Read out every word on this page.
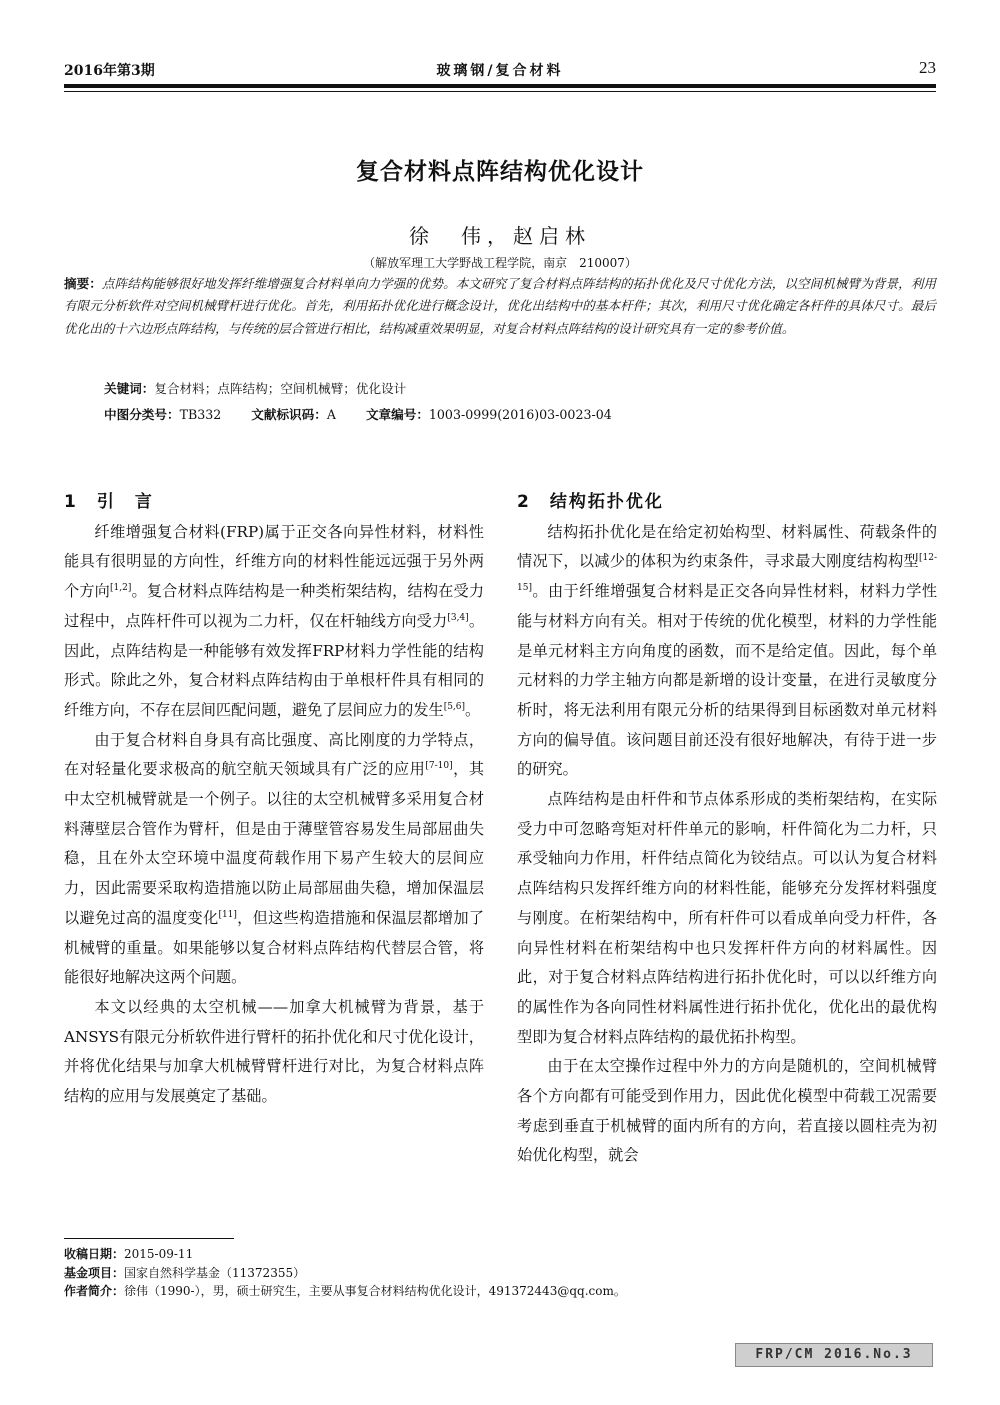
2016年第3期	玻璃钢/复合材料	23
复合材料点阵结构优化设计
徐　伟，赵启林
（解放军理工大学野战工程学院，南京　210007）
摘要：点阵结构能够很好地发挥纤维增强复合材料单向力学强的优势。本文研究了复合材料点阵结构的拓扑优化及尺寸优化方法，以空间机械臂为背景，利用有限元分析软件对空间机械臂杆进行优化。首先，利用拓扑优化进行概念设计，优化出结构中的基本杆件；其次，利用尺寸优化确定各杆件的具体尺寸。最后优化出的十六边形点阵结构，与传统的层合管进行相比，结构减重效果明显，对复合材料点阵结构的设计研究具有一定的参考价值。
关键词：复合材料；点阵结构；空间机械臂；优化设计
中图分类号：TB332 文献标识码：A 文章编号：1003-0999(2016)03-0023-04
1　引　言

纤维增强复合材料(FRP)属于正交各向异性材料，材料性能具有很明显的方向性，纤维方向的材料性能远远强于另外两个方向[1,2]。复合材料点阵结构是一种类桁架结构，结构在受力过程中，点阵杆件可以视为二力杆，仅在杆轴线方向受力[3,4]。因此，点阵结构是一种能够有效发挥FRP材料力学性能的结构形式。除此之外，复合材料点阵结构由于单根杆件具有相同的纤维方向，不存在层间匹配问题，避免了层间应力的发生[5,6]。

由于复合材料自身具有高比强度、高比刚度的力学特点，在对轻量化要求极高的航空航天领域具有广泛的应用[7-10]，其中太空机械臂就是一个例子。以往的太空机械臂多采用复合材料薄壁层合管作为臂杆，但是由于薄壁管容易发生局部屈曲失稳，且在外太空环境中温度荷载作用下易产生较大的层间应力，因此需要采取构造措施以防止局部屈曲失稳，增加保温层以避免过高的温度变化[11]，但这些构造措施和保温层都增加了机械臂的重量。如果能够以复合材料点阵结构代替层合管，将能很好地解决这两个问题。

本文以经典的太空机械——加拿大机械臂为背景，基于ANSYS有限元分析软件进行臂杆的拓扑优化和尺寸优化设计，并将优化结果与加拿大机械臂臂杆进行对比，为复合材料点阵结构的应用与发展奠定了基础。

2　结构拓扑优化

结构拓扑优化是在给定初始构型、材料属性、荷载条件的情况下，以减少的体积为约束条件，寻求最大刚度结构构型[12-15]。由于纤维增强复合材料是正交各向异性材料，材料力学性能与材料方向有关。相对于传统的优化模型，材料的力学性能是单元材料主方向角度的函数，而不是给定值。因此，每个单元材料的力学主轴方向都是新增的设计变量，在进行灵敏度分析时，将无法利用有限元分析的结果得到目标函数对单元材料方向的偏导值。该问题目前还没有很好地解决，有待于进一步的研究。

点阵结构是由杆件和节点体系形成的类桁架结构，在实际受力中可忽略弯矩对杆件单元的影响，杆件简化为二力杆，只承受轴向力作用，杆件结点简化为铰结点。可以认为复合材料点阵结构只发挥纤维方向的材料性能，能够充分发挥材料强度与刚度。在桁架结构中，所有杆件可以看成单向受力杆件，各向异性材料在桁架结构中也只发挥杆件方向的材料属性。因此，对于复合材料点阵结构进行拓扑优化时，可以以纤维方向的属性作为各向同性材料属性进行拓扑优化，优化出的最优构型即为复合材料点阵结构的最优拓扑构型。

由于在太空操作过程中外力的方向是随机的，空间机械臂各个方向都有可能受到作用力，因此优化模型中荷载工况需要考虑到垂直于机械臂的面内所有的方向，若直接以圆柱壳为初始优化构型，就会

收稿日期：2015-09-11
基金项目：国家自然科学基金（11372355）
作者简介：徐伟（1990-），男，硕士研究生，主要从事复合材料结构优化设计，491372443@qq.com。
FRP/CM 2016.No.3
